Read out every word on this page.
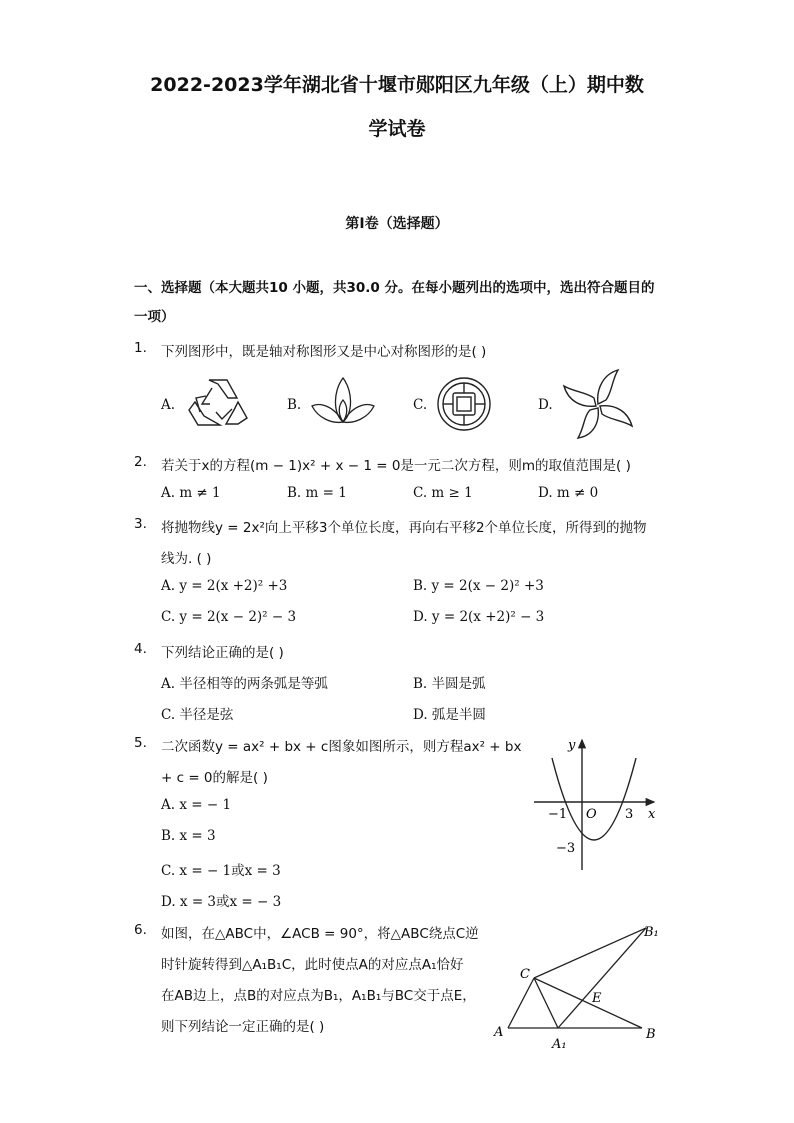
2022-2023学年湖北省十堰市郧阳区九年级（上）期中数
学试卷
第I卷（选择题）
一、选择题（本大题共10 小题，共30.0 分。在每小题列出的选项中，选出符合题目的
一项）
1. 下列图形中，既是轴对称图形又是中心对称图形的是( )
A.	B.	C.	D.
2. 若关于x的方程(m − 1)x² + x − 1 = 0是一元二次方程，则m的取值范围是( )
A. m ≠ 1	B. m = 1	C. m ≥ 1	D. m ≠ 0
3. 将抛物线y = 2x²向上平移3个单位长度，再向右平移2个单位长度，所得到的抛物
线为. ( )
A. y = 2(x +2)² +3	B. y = 2(x − 2)² +3
C. y = 2(x − 2)² − 3	D. y = 2(x +2)² − 3
4. 下列结论正确的是( )
A. 半径相等的两条弧是等弧	B. 半圆是弧
C. 半径是弦	D. 弧是半圆
5. 二次函数y = ax² + bx + c图象如图所示，则方程ax² + bx
+ c = 0的解是( )
A. x = − 1
B. x = 3
C. x = − 1或x = 3
D. x = 3或x = − 3
y
x
O
−1	3
−3
6. 如图，在△ABC中，∠ACB = 90°，将△ABC绕点C逆
时针旋转得到△A₁B₁C，此时使点A的对应点A₁恰好
在AB边上，点B的对应点为B₁，A₁B₁与BC交于点E，
则下列结论一定正确的是( )
C
B₁
E
A	B
A₁
